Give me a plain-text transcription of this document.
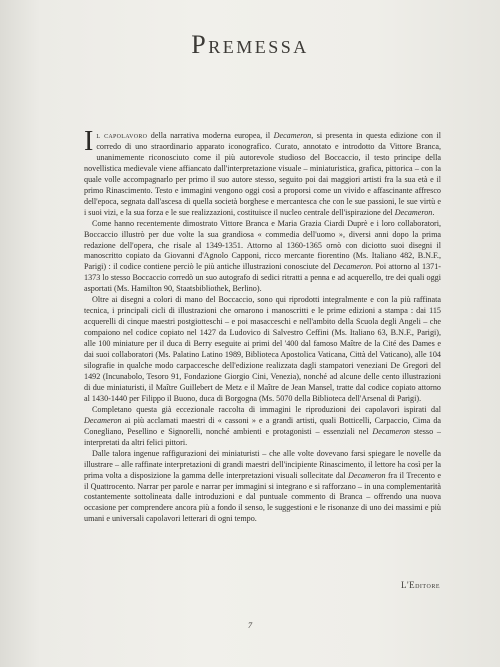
Premessa

Il capolavoro della narrativa moderna europea, il Decameron, si presenta in questa edizione con il corredo di uno straordinario apparato iconografico. Curato, annotato e introdotto da Vittore Branca, unanimemente riconosciuto come il più autorevole studioso del Boccaccio, il testo principe della novellistica medievale viene affiancato dall'interpretazione visuale – miniaturistica, grafica, pittorica – con la quale volle accompagnarlo per primo il suo autore stesso, seguito poi dai maggiori artisti fra la sua età e il primo Rinascimento. Testo e immagini vengono oggi così a proporsi come un vivido e affascinante affresco dell'epoca, segnata dall'ascesa di quella società borghese e mercantesca che con le sue passioni, le sue virtù e i suoi vizi, e la sua forza e le sue realizzazioni, costituisce il nucleo centrale dell'ispirazione del Decameron.

Come hanno recentemente dimostrato Vittore Branca e Maria Grazia Ciardi Duprè e i loro collaboratori, Boccaccio illustrò per due volte la sua grandiosa « commedia dell'uomo », diversi anni dopo la prima redazione dell'opera, che risale al 1349-1351. Attorno al 1360-1365 ornò con diciotto suoi disegni il manoscritto copiato da Giovanni d'Agnolo Capponi, ricco mercante fiorentino (Ms. Italiano 482, B.N.F., Parigi) : il codice contiene perciò le più antiche illustrazioni conosciute del Decameron. Poi attorno al 1371-1373 lo stesso Boccaccio corredò un suo autografo di sedici ritratti a penna e ad acquerello, tre dei quali oggi asportati (Ms. Hamilton 90, Staatsbibliothek, Berlino).

Oltre ai disegni a colori di mano del Boccaccio, sono qui riprodotti integralmente e con la più raffinata tecnica, i principali cicli di illustrazioni che ornarono i manoscritti e le prime edizioni a stampa : dai 115 acquerelli di cinque maestri postgiotteschi – e poi masacceschi e nell'ambito della Scuola degli Angeli – che compaiono nel codice copiato nel 1427 da Ludovico di Salvestro Ceffini (Ms. Italiano 63, B.N.F., Parigi), alle 100 miniature per il duca di Berry eseguite ai primi del '400 dal famoso Maître de la Cité des Dames e dai suoi collaboratori (Ms. Palatino Latino 1989, Biblioteca Apostolica Vaticana, Città del Vaticano), alle 104 silografie in qualche modo carpaccesche dell'edizione realizzata dagli stampatori veneziani De Gregori del 1492 (Incunabolo, Tesoro 91, Fondazione Giorgio Cini, Venezia), nonché ad alcune delle cento illustrazioni di due miniaturisti, il Maître Guillebert de Metz e il Maître de Jean Mansel, tratte dal codice copiato attorno al 1430-1440 per Filippo il Buono, duca di Borgogna (Ms. 5070 della Biblioteca dell'Arsenal di Parigi).

Completano questa già eccezionale raccolta di immagini le riproduzioni dei capolavori ispirati dal Decameron ai più acclamati maestri di « cassoni » e a grandi artisti, quali Botticelli, Carpaccio, Cima da Conegliano, Pesellino e Signorelli, nonché ambienti e protagonisti – essenziali nel Decameron stesso – interpretati da altri felici pittori.

Dalle talora ingenue raffigurazioni dei miniaturisti – che alle volte dovevano farsi spiegare le novelle da illustrare – alle raffinate interpretazioni di grandi maestri dell'incipiente Rinascimento, il lettore ha così per la prima volta a disposizione la gamma delle interpretazioni visuali sollecitate dal Decameron fra il Trecento e il Quattrocento. Narrar per parole e narrar per immagini si integrano e si rafforzano – in una complementarità costantemente sottolineata dalle introduzioni e dal puntuale commento di Branca – offrendo una nuova occasione per comprendere ancora più a fondo il senso, le suggestioni e le risonanze di uno dei massimi e più umani e universali capolavori letterari di ogni tempo.

L'Editore
7
